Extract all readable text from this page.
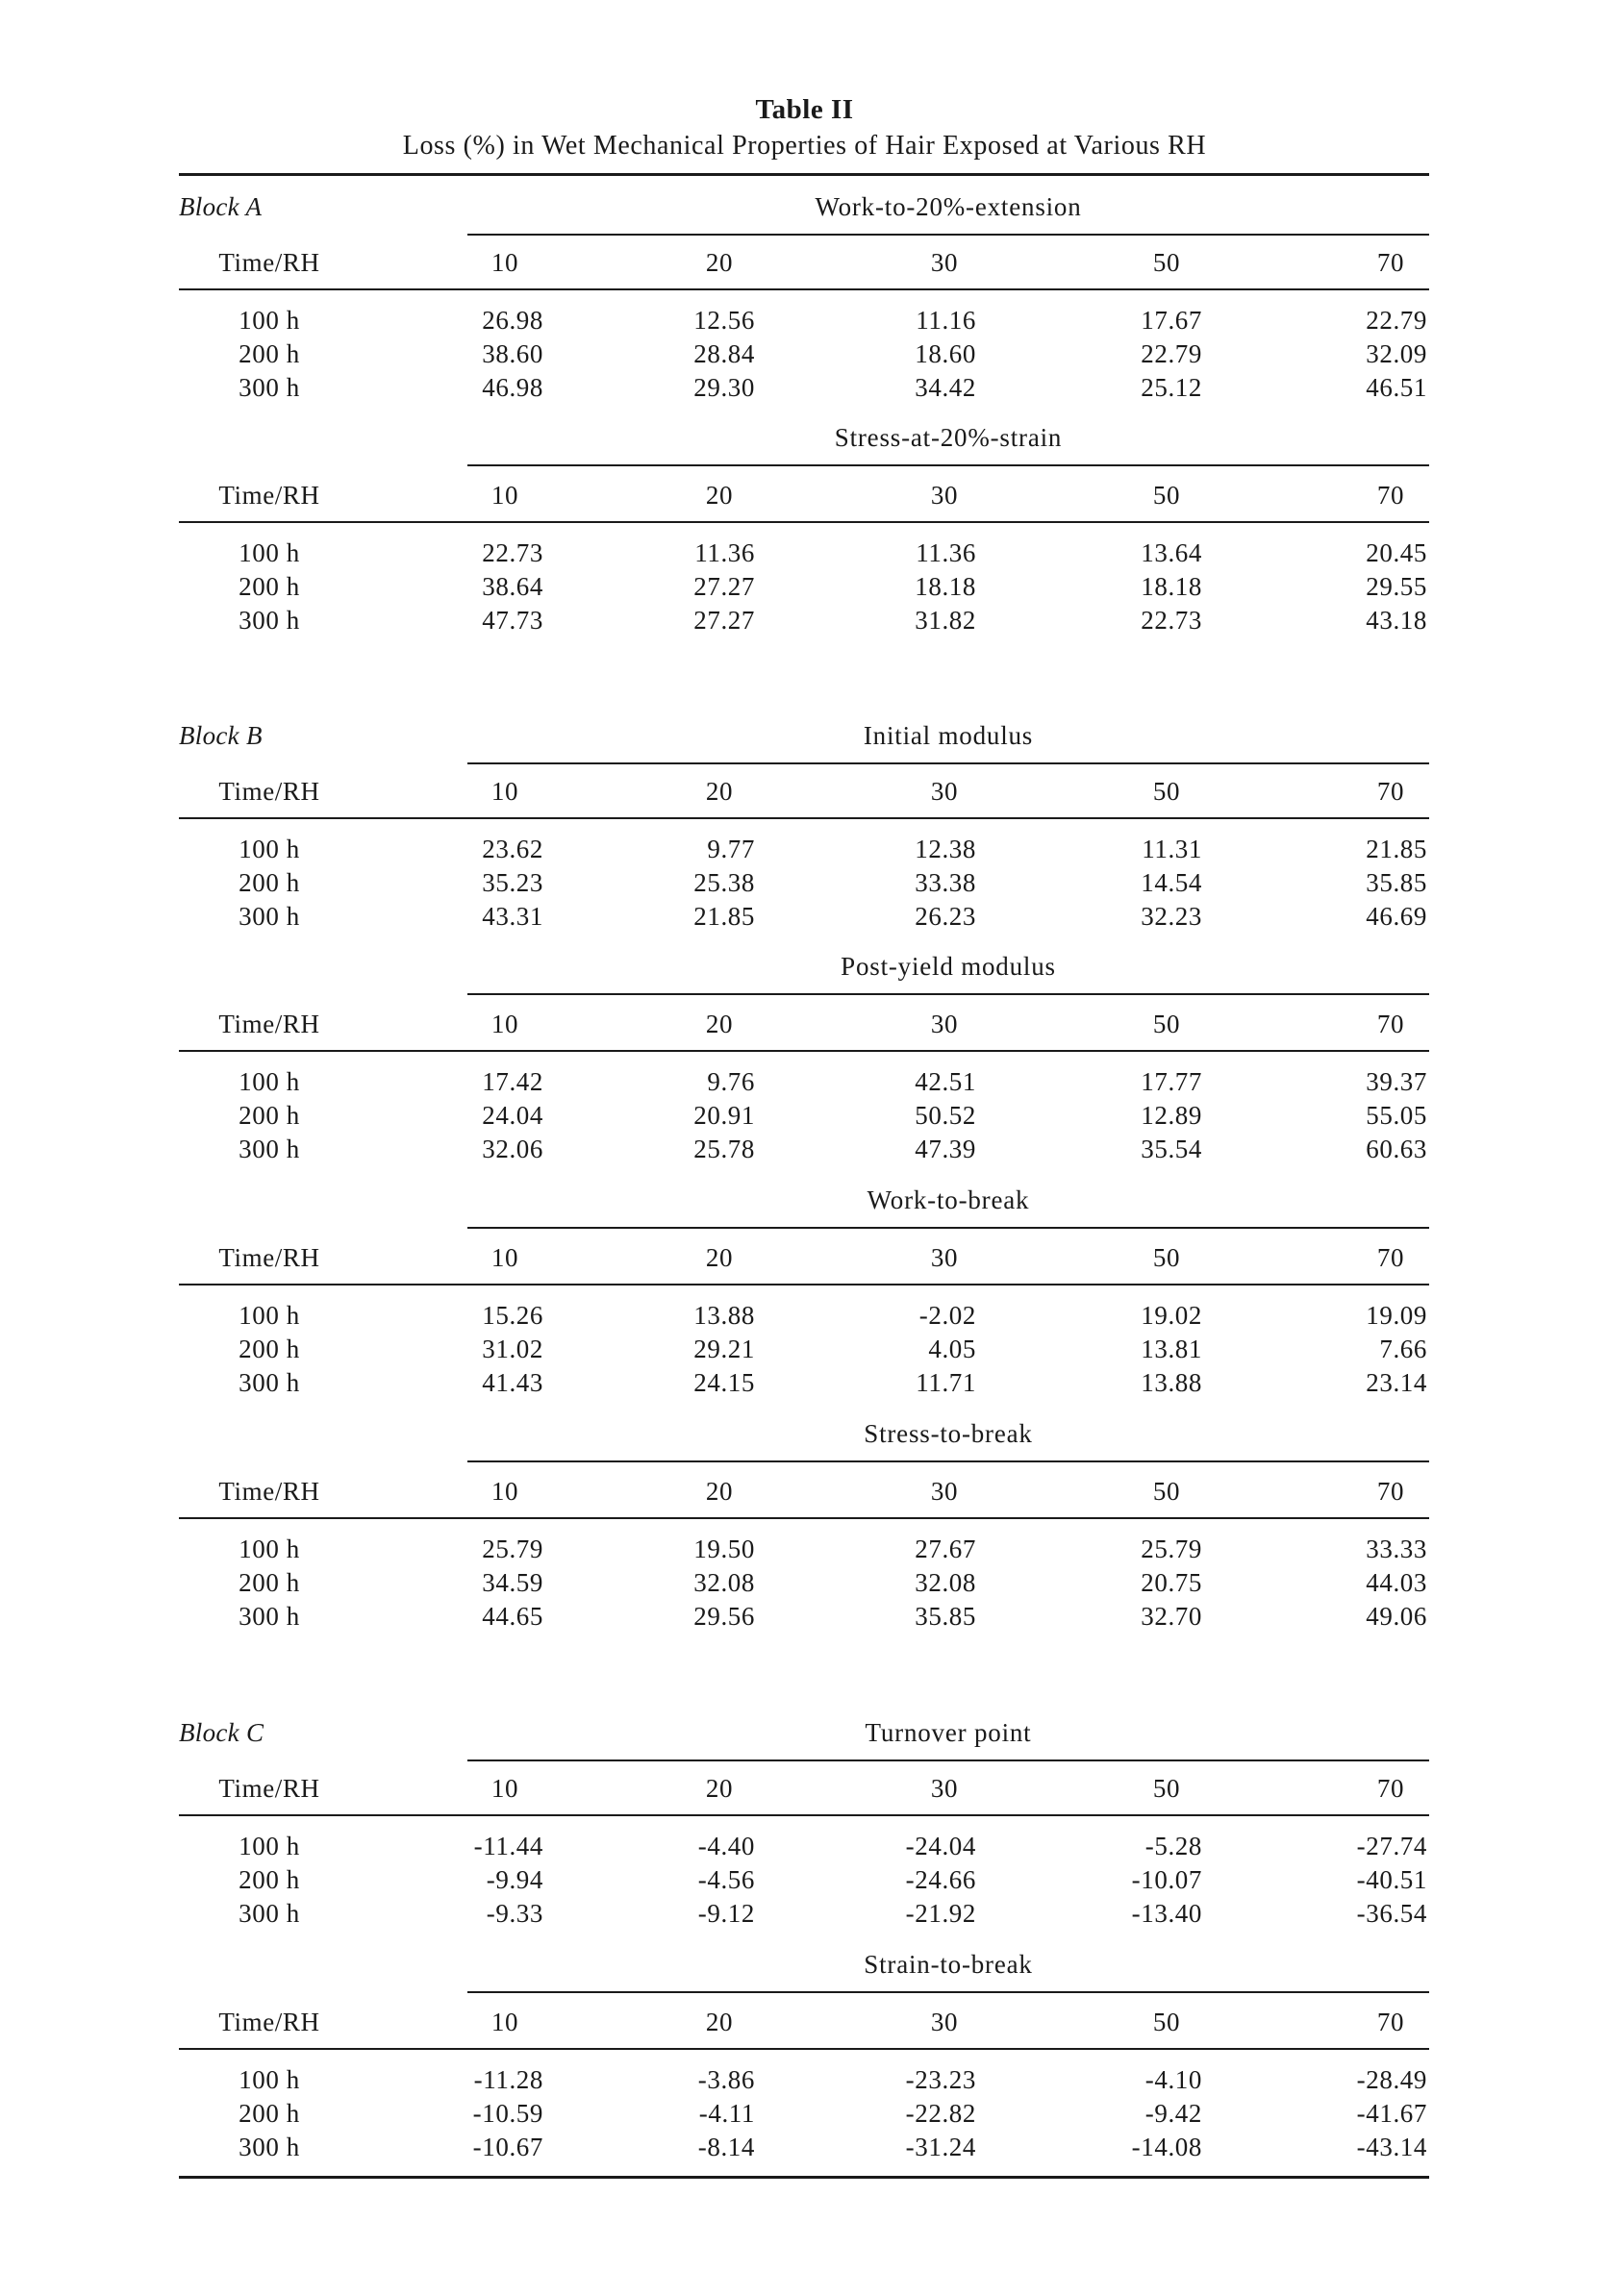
Table II
Loss (%) in Wet Mechanical Properties of Hair Exposed at Various RH
Block A	Work-to-20%-extension
Time/RH	10	20	30	50	70
100 h	26.98	12.56	11.16	17.67	22.79
200 h	38.60	28.84	18.60	22.79	32.09
300 h	46.98	29.30	34.42	25.12	46.51
Stress-at-20%-strain
Time/RH	10	20	30	50	70
100 h	22.73	11.36	11.36	13.64	20.45
200 h	38.64	27.27	18.18	18.18	29.55
300 h	47.73	27.27	31.82	22.73	43.18
Block B	Initial modulus
Time/RH	10	20	30	50	70
100 h	23.62	9.77	12.38	11.31	21.85
200 h	35.23	25.38	33.38	14.54	35.85
300 h	43.31	21.85	26.23	32.23	46.69
Post-yield modulus
Time/RH	10	20	30	50	70
100 h	17.42	9.76	42.51	17.77	39.37
200 h	24.04	20.91	50.52	12.89	55.05
300 h	32.06	25.78	47.39	35.54	60.63
Work-to-break
Time/RH	10	20	30	50	70
100 h	15.26	13.88	-2.02	19.02	19.09
200 h	31.02	29.21	4.05	13.81	7.66
300 h	41.43	24.15	11.71	13.88	23.14
Stress-to-break
Time/RH	10	20	30	50	70
100 h	25.79	19.50	27.67	25.79	33.33
200 h	34.59	32.08	32.08	20.75	44.03
300 h	44.65	29.56	35.85	32.70	49.06
Block C	Turnover point
Time/RH	10	20	30	50	70
100 h	-11.44	-4.40	-24.04	-5.28	-27.74
200 h	-9.94	-4.56	-24.66	-10.07	-40.51
300 h	-9.33	-9.12	-21.92	-13.40	-36.54
Strain-to-break
Time/RH	10	20	30	50	70
100 h	-11.28	-3.86	-23.23	-4.10	-28.49
200 h	-10.59	-4.11	-22.82	-9.42	-41.67
300 h	-10.67	-8.14	-31.24	-14.08	-43.14
